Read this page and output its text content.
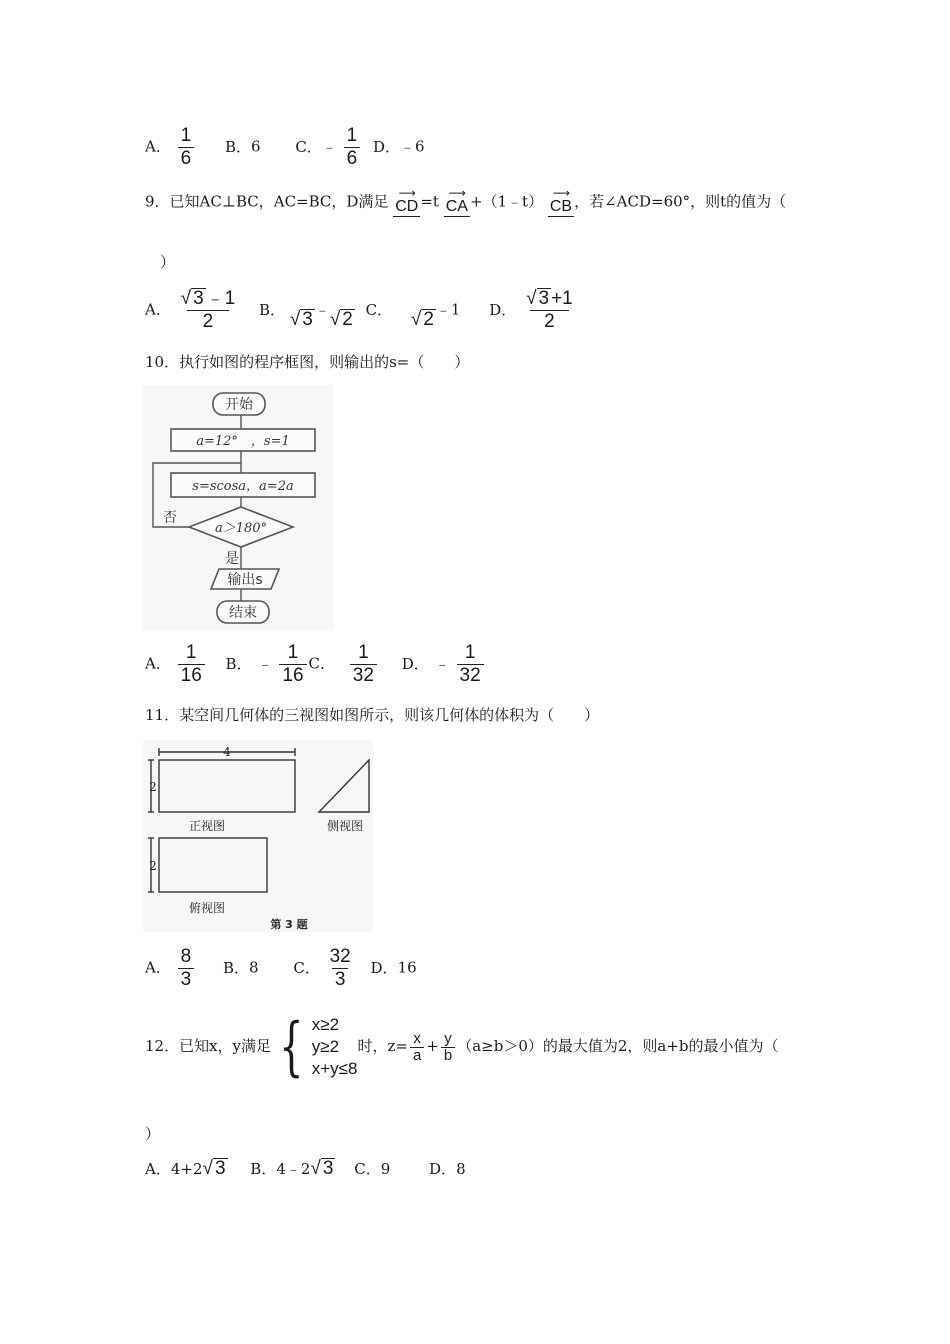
A． $\frac{1}{6}$ B．6 C．﹣ $\frac{1}{6}$ D．﹣6
9．已知AC⊥BC，AC=BC，D满足 ⟶
CD =t ⟶
CA +（1﹣t） ⟶
CB ，若∠ACD=60°，则t的值为（
）
A． $\frac{√ 3 ﹣1}{2}$ B． √ 3 ﹣ √ 2 C． √ 2 ﹣1 D． $\frac{√ 3 +1}{2}$
10．执行如图的程序框图，则输出的s=（　　）
开始
a=12°　，s=1
s=scosa，a=2a
a＞180°
否
是
输出s
结束
A． $\frac{1}{16}$ B． ﹣ $\frac{1}{16}$ C． $\frac{1}{32}$ D． ﹣ $\frac{1}{32}$
11．某空间几何体的三视图如图所示，则该几何体的体积为（　　）
4
2
2
正视图	侧视图
俯视图
第 3 题
A． $\frac{8}{3}$ B．8 C． $\frac{32}{3}$ D．16
12．已知x，y满足 { x≥2
y≥2
x+y≤8
时，$z= \frac{x}{a} + \frac{y}{b} (a\ge b>0)$的最大值为2，则a+b的最小值为（
）
A．4+2 √ 3 B．4﹣2 √ 3 C．9	D．8
